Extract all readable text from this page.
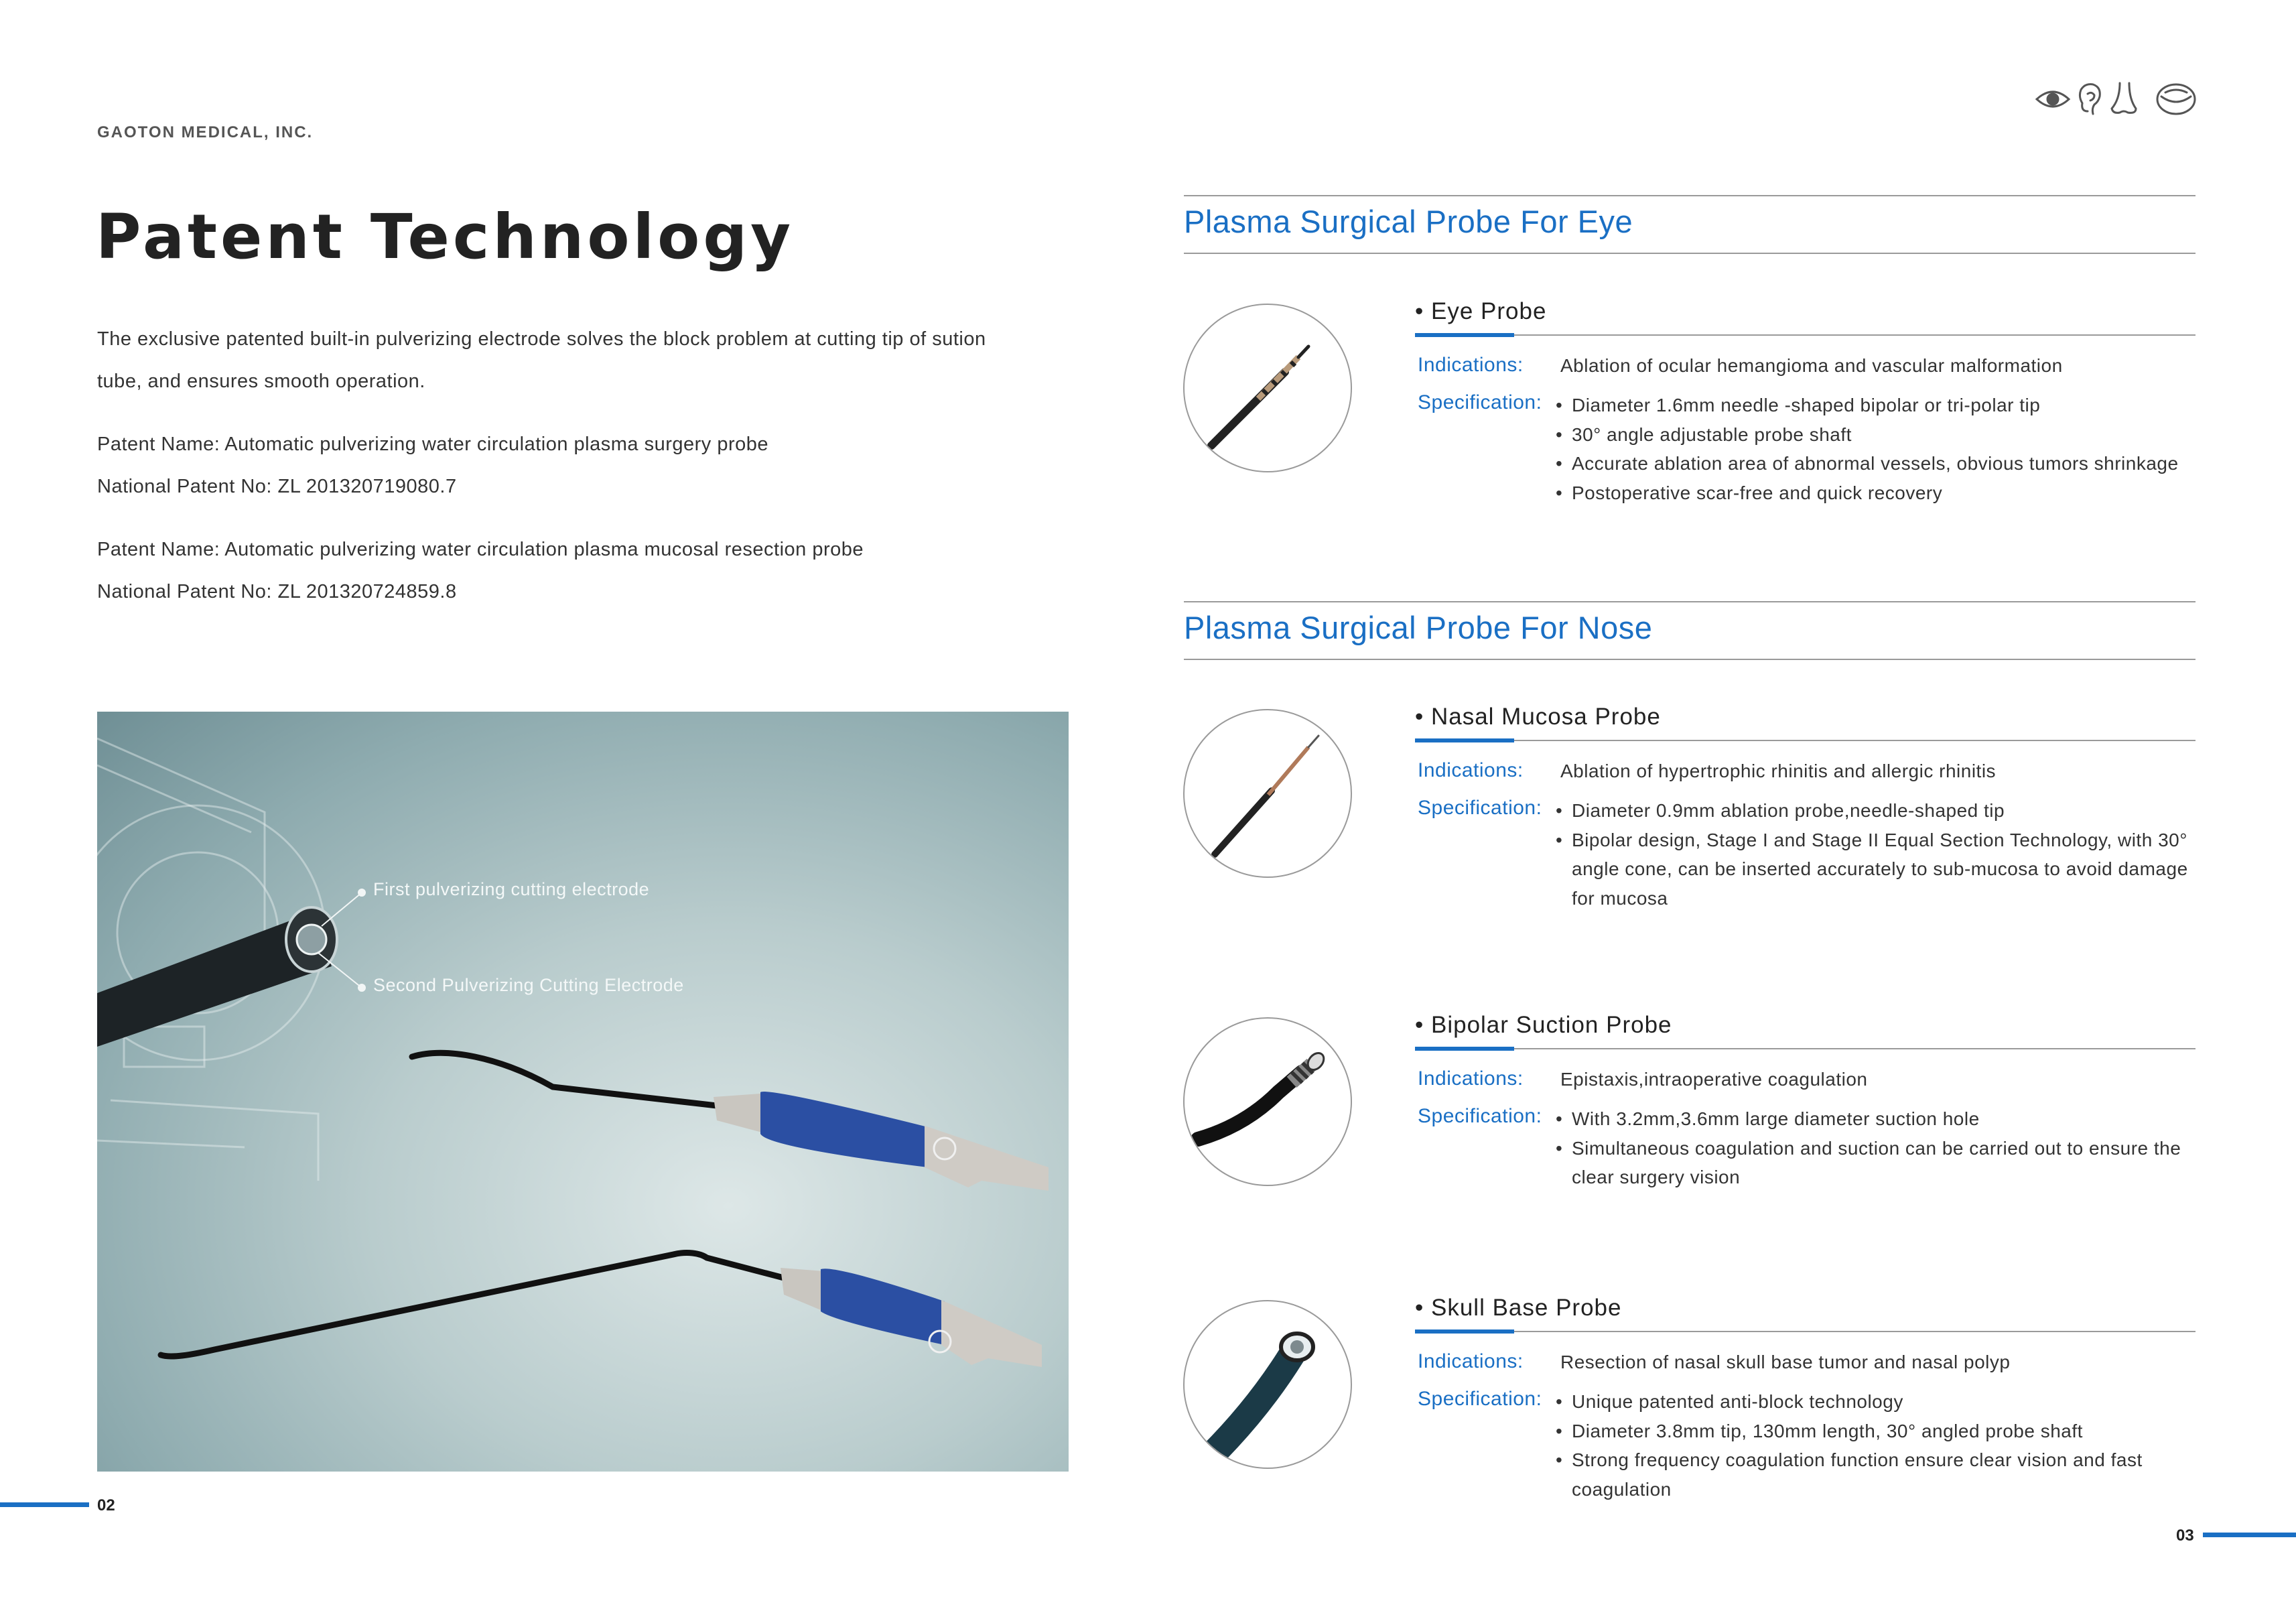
GAOTON MEDICAL, INC.
Patent Technology
The exclusive patented built-in pulverizing electrode solves the block problem at cutting tip of sution
tube, and ensures smooth operation.
Patent Name: Automatic pulverizing water circulation plasma surgery probe
National Patent No: ZL 201320719080.7
Patent Name: Automatic pulverizing water circulation plasma mucosal resection probe
National Patent No: ZL 201320724859.8
First pulverizing cutting electrode
Second Pulverizing Cutting Electrode
02
Plasma Surgical Probe For Eye
• Eye Probe
Indications: Ablation of ocular hemangioma and vascular malformation
Specification:	• Diameter 1.6mm needle -shaped bipolar or tri-polar tip
• 30° angle adjustable probe shaft
• Accurate ablation area of abnormal vessels, obvious tumors shrinkage
• Postoperative scar-free and quick recovery
Plasma Surgical Probe For Nose
• Nasal Mucosa Probe
Indications: Ablation of hypertrophic rhinitis and allergic rhinitis
Specification:	• Diameter 0.9mm ablation probe,needle-shaped tip
• Bipolar design, Stage I and Stage II Equal Section Technology, with 30° angle cone, can be inserted accurately to sub-mucosa to avoid damage for mucosa
• Bipolar Suction Probe
Indications: Epistaxis,intraoperative coagulation
Specification:	• With 3.2mm,3.6mm large diameter suction hole
• Simultaneous coagulation and suction can be carried out to ensure the clear surgery vision
• Skull Base Probe
Indications: Resection of nasal skull base tumor and nasal polyp
Specification:	• Unique patented anti-block technology
• Diameter 3.8mm tip, 130mm length, 30° angled probe shaft
• Strong frequency coagulation function ensure clear vision and fast coagulation
03
